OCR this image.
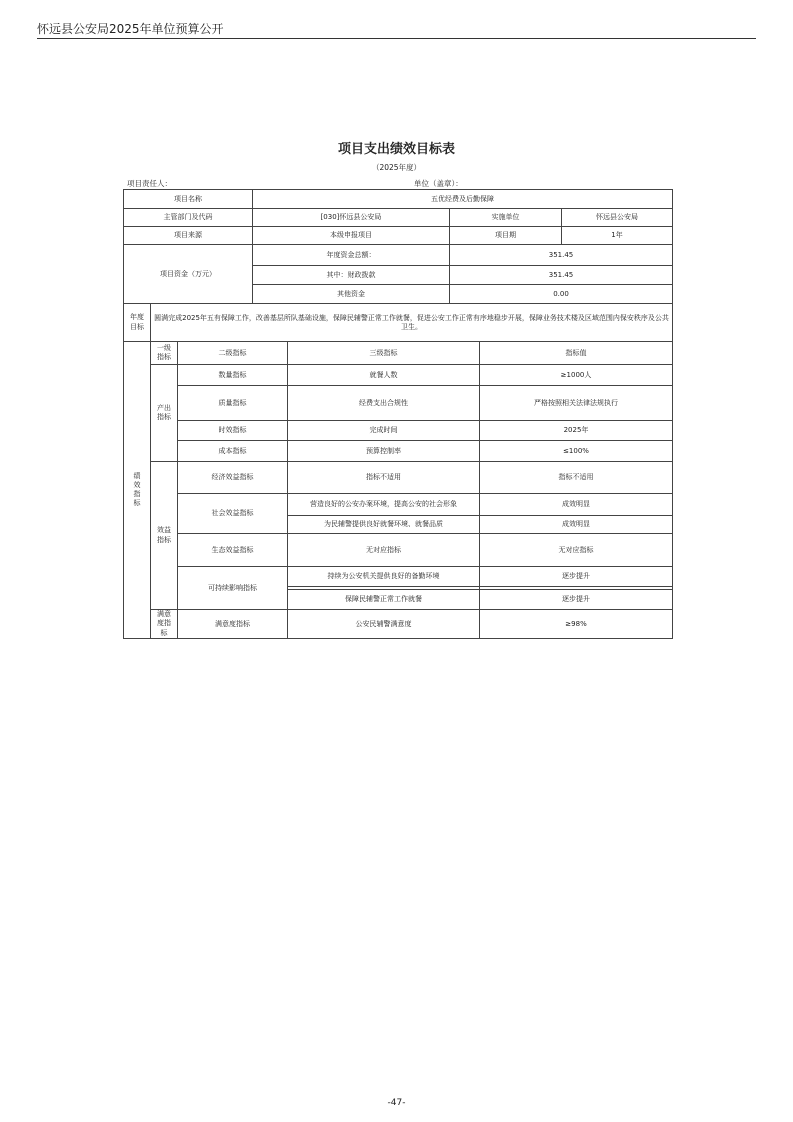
怀远县公安局2025年单位预算公开
项目支出绩效目标表
（2025年度）
项目责任人：	单位（盖章）：
项目名称			五优经费及后勤保障				
主管部门及代码			[030]怀远县公安局		实施单位		怀远县公安局
项目来源			本级申报项目		项目期		1年
项目资金（万元）			年度资金总额：		351.45		
			其中：财政拨款		351.45		
			其他资金		0.00		
年度目标	圆满完成2025年五有保障工作，改善基层所队基础设施，保障民辅警正常工作就餐，促进公安工作正常有序地稳步开展，保障业务技术楼及区域范围内保安秩序及公共卫生。						
绩效指标	一级指标	二级指标		三级指标		指标值	
	产出指标	数量指标		就餐人数		≥1000人	
		质量指标		经费支出合规性		严格按照相关法律法规执行	
		时效指标		完成时间		2025年	
		成本指标		预算控制率		≤100%	
	效益指标	经济效益指标		指标不适用		指标不适用	
		社会效益指标		营造良好的公安办案环境，提高公安的社会形象		成效明显	
				为民辅警提供良好就餐环境、就餐品质		成效明显	
		生态效益指标		无对应指标		无对应指标	
		可持续影响指标		持续为公安机关提供良好的备勤环境		逐步提升	

				保障民辅警正常工作就餐		逐步提升	
	满意度指标	满意度指标		公安民辅警满意度		≥98%	
-47-
